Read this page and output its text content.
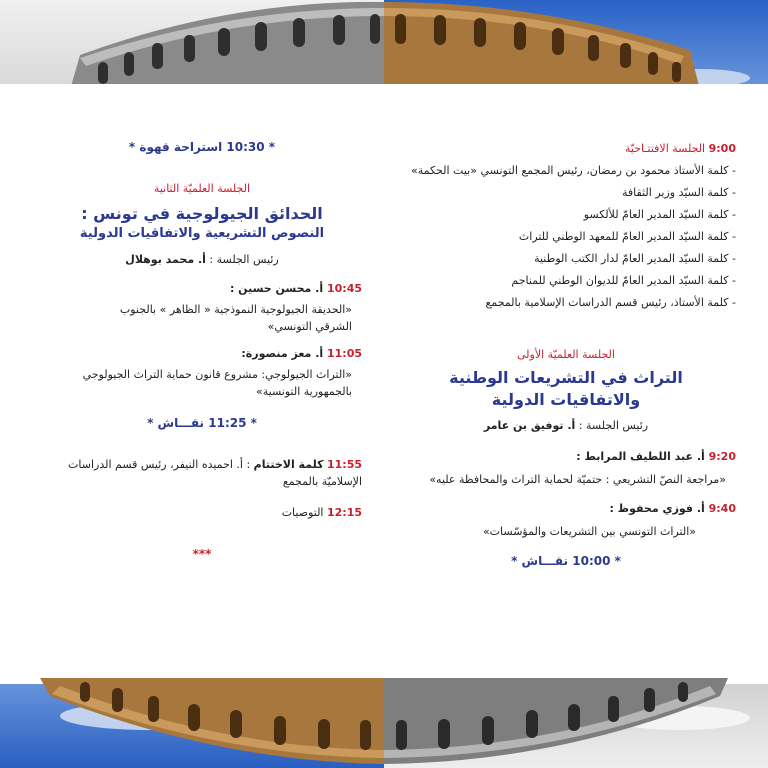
9:00 الجلسة الافتتـاحيّة

- كلمة الأستاذ محمود بن رمضان، رئيس المجمع التونسي «بيت الحكمة»

- كلمة السيّد وزير الثقافة

- كلمة السيّد المدير العامّ للألكسو

- كلمة السيّد المدير العامّ للمعهد الوطني للتراث

- كلمة السيّد المدير العامّ لدار الكتب الوطنية

- كلمة السيّد المدير العامّ للديوان الوطني للمناجم

- كلمة الأستاذ، رئيس قسم الدراسات الإسلامية بالمجمع

الجلسة العلميّة الأولى
التراث في التشريعات الوطنية
والاتفاقيات الدولية

رئيس الجلسة : أ. توفيق بن عامر

9:20 أ. عبد اللطيف المرابط :

«مراجعة النصّ التشريعي : حتميّة لحماية التراث والمحافظة عليه»

9:40 أ. فوزي محفوظ :

«التراث التونسي بين التشريعات والمؤسّسات»

* 10:00 نقـــاش *

* 10:30 استراحة قهوة *

الجلسة العلميّة الثانية
الحدائق الجيولوجية في تونس :
النصوص التشريعية والاتفاقيات الدولية

رئيس الجلسة : أ. محمد بوهلال

10:45 أ. محسن حسين :

«الحديقة الجيولوجية النموذجية « الظاهر » بالجنوب الشرقي التونسي»

11:05 أ. معز منصورة:

«التراث الجيولوجي: مشروع قانون حماية التراث الجيولوجي بالجمهورية التونسية»

* 11:25 نقـــاش *

11:55 كلمة الاختتام : أ. احميده النيفر، رئيس قسم الدراسات الإسلاميّة بالمجمع

12:15 التوصيات

***
